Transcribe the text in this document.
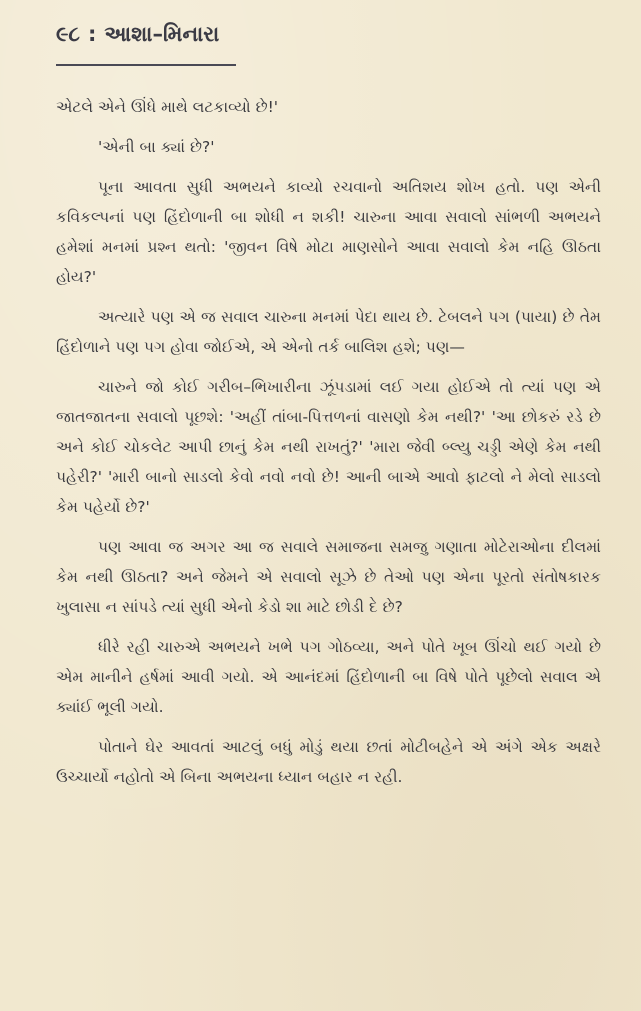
૯૮ : આશા–મિનારા

એટલે એને ઊંધે માથે લટકાવ્યો છે!'

'એની બા ક્યાં છે?'

પૂના આવતા સુધી અભયને કાવ્યો રચવાનો અતિશય શોખ હતો. પણ એની કવિકલ્પનાં પણ હિંદોળાની બા શોધી ન શકી! ચારુના આવા સવાલો સાંભળી અભયને હમેશાં મનમાં પ્રશ્ન થતો: 'જીવન વિષે મોટા માણસોને આવા સવાલો કેમ નહિ ઊઠતા હોય?'

અત્યારે પણ એ જ સવાલ ચારુના મનમાં પેદા થાય છે. ટેબલને પગ (પાયા) છે તેમ હિંદોળાને પણ પગ હોવા જોઈએ, એ એનો તર્ક બાલિશ હશે; પણ—

ચારુને જો કોઈ ગરીબ–ભિખારીના ઝૂંપડામાં લઈ ગયા હોઈએ તો ત્યાં પણ એ જાતજાતના સવાલો પૂછશે: 'અહીં તાંબા-પિત્તળનાં વાસણો કેમ નથી?' 'આ છોકરું રડે છે અને કોઈ ચોકલેટ આપી છાનું કેમ નથી રાખતું?' 'મારા જેવી બ્લ્યુ ચડ્ડી એણે કેમ નથી પહેરી?' 'મારી બાનો સાડલો કેવો નવો નવો છે! આની બાએ આવો ફાટલો ને મેલો સાડલો કેમ પહેર્યો છે?'

પણ આવા જ અગર આ જ સવાલે સમાજના સમજુ ગણાતા મોટેરાઓના દીલમાં કેમ નથી ઊઠતા? અને જેમને એ સવાલો સૂઝે છે તેઓ પણ એના પૂરતો સંતોષકારક ખુલાસા ન સાંપડે ત્યાં સુધી એનો કેડો શા માટે છોડી દે છે?

ધીરે રહી ચારુએ અભયને ખભે પગ ગોઠવ્યા, અને પોતે ખૂબ ઊંચો થઈ ગયો છે એમ માનીને હર્ષમાં આવી ગયો. એ આનંદમાં હિંદોળાની બા વિષે પોતે પૂછેલો સવાલ એ ક્યાંઈ ભૂલી ગયો.

પોતાને ઘેર આવતાં આટલું બધું મોડું થયા છતાં મોટીબહેને એ અંગે એક અક્ષરે ઉચ્ચાર્યો નહોતો એ બિના અભયના ધ્યાન બહાર ન રહી.
